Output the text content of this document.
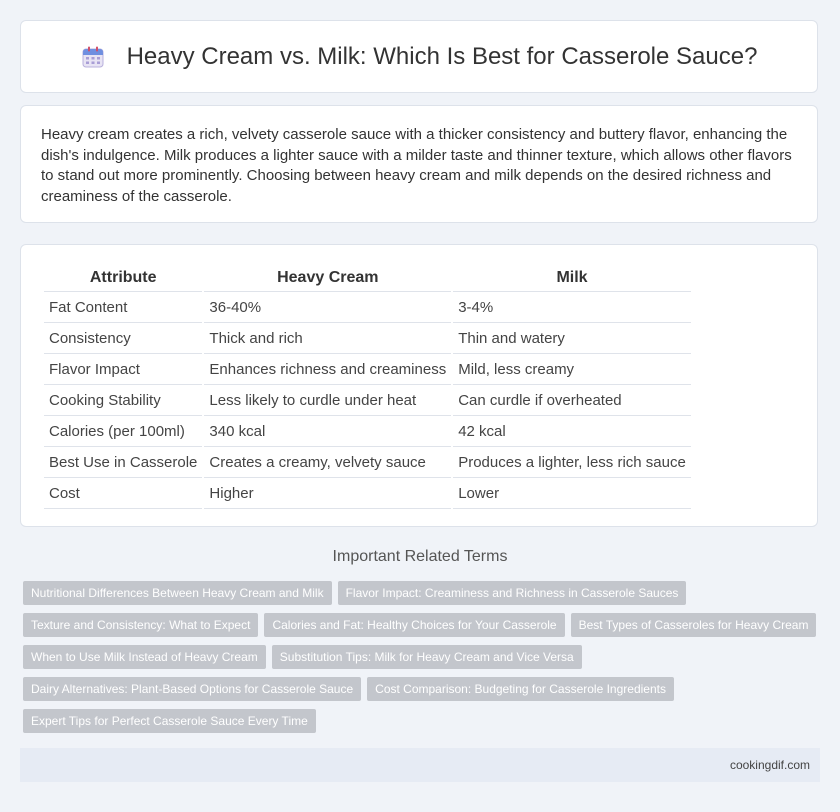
Heavy Cream vs. Milk: Which Is Best for Casserole Sauce?

Heavy cream creates a rich, velvety casserole sauce with a thicker consistency and buttery flavor, enhancing the dish's indulgence. Milk produces a lighter sauce with a milder taste and thinner texture, which allows other flavors to stand out more prominently. Choosing between heavy cream and milk depends on the desired richness and creaminess of the casserole.

Attribute	Heavy Cream	Milk
Fat Content	36-40%	3-4%
Consistency	Thick and rich	Thin and watery
Flavor Impact	Enhances richness and creaminess	Mild, less creamy
Cooking Stability	Less likely to curdle under heat	Can curdle if overheated
Calories (per 100ml)	340 kcal	42 kcal
Best Use in Casserole	Creates a creamy, velvety sauce	Produces a lighter, less rich sauce
Cost	Higher	Lower
Important Related Terms
Nutritional Differences Between Heavy Cream and Milk Flavor Impact: Creaminess and Richness in Casserole Sauces
Texture and Consistency: What to Expect Calories and Fat: Healthy Choices for Your Casserole Best Types of Casseroles for Heavy Cream
When to Use Milk Instead of Heavy Cream Substitution Tips: Milk for Heavy Cream and Vice Versa
Dairy Alternatives: Plant-Based Options for Casserole Sauce Cost Comparison: Budgeting for Casserole Ingredients
Expert Tips for Perfect Casserole Sauce Every Time
cookingdif.com
